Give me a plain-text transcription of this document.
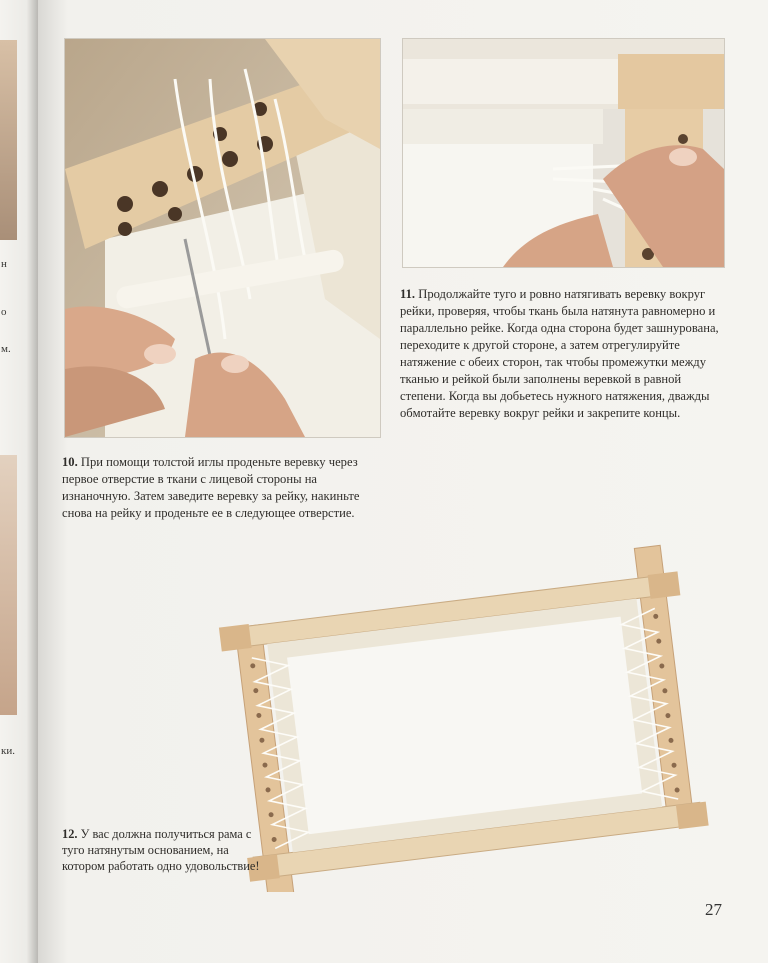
н
о
м.
ки.

11. Продолжайте туго и ровно натягивать веревку вокруг рейки, проверяя, чтобы ткань была натянута равномерно и параллельно рейке. Когда одна сторона будет зашнурована, переходите к другой стороне, а затем отрегулируйте натяжение с обеих сторон, так чтобы промежутки между тканью и рейкой были заполнены веревкой в равной степени. Когда вы добьетесь нужного натяжения, дважды обмотайте веревку вокруг рейки и закрепите концы.

10. При помощи толстой иглы проденьте веревку через первое отверстие в ткани с лицевой стороны на изнаночную. Затем заведите веревку за рейку, накиньте снова на рейку и проденьте ее в следующее отверстие.

12. У вас должна получиться рама с туго натянутым основанием, на котором работать одно удовольствие!

27
